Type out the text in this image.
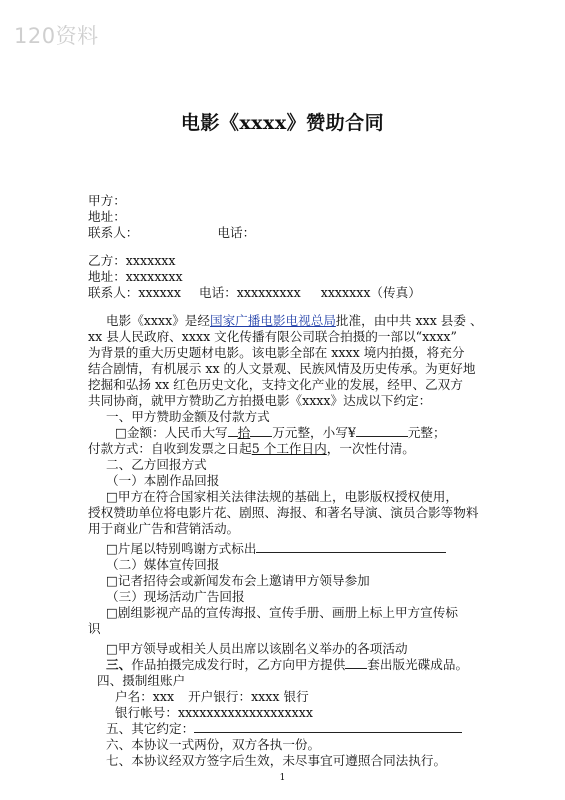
120资料
电影《xxxx》赞助合同
甲方：
地址：
联系人：	电话：
乙方：xxxxxxx
地址：xxxxxxxx
联系人：xxxxxx 电话：xxxxxxxxx xxxxxxx（传真）
电影《xxxx》是经国家广播电影电视总局批准，由中共 xxx 县委 、
xx 县人民政府、xxxx 文化传播有限公司联合拍摄的一部以“xxxx”
为背景的重大历史题材电影。该电影全部在 xxxx 境内拍摄，将充分
结合剧情，有机展示 xx 的人文景观、民族风情及历史传承。为更好地
挖掘和弘扬 xx 红色历史文化，支持文化产业的发展，经甲、乙双方
共同协商，就甲方赞助乙方拍摄电影《xxxx》达成以下约定：
一、甲方赞助金额及付款方式
□金额：人民币大写 拾 万元整，小写¥	元整；
付款方式：自收到发票之日起5 个工作日内，一次性付清。
二、乙方回报方式
（一）本剧作品回报
□甲方在符合国家相关法律法规的基础上，电影版权授权使用，
授权赞助单位将电影片花、剧照、海报、和著名导演、演员合影等物料
用于商业广告和营销活动。
□片尾以特别鸣谢方式标出
（二）媒体宣传回报
□记者招待会或新闻发布会上邀请甲方领导参加
（三）现场活动广告回报
□剧组影视产品的宣传海报、宣传手册、画册上标上甲方宣传标
识
□甲方领导或相关人员出席以该剧名义举办的各项活动
三、作品拍摄完成发行时，乙方向甲方提供 套出版光碟成品。
四、摄制组账户
户名：xxx 开户银行：xxxx 银行
银行帐号：xxxxxxxxxxxxxxxxxxx
五、其它约定：
六、本协议一式两份，双方各执一份。
七、本协议经双方签字后生效，未尽事宜可遵照合同法执行。
1
